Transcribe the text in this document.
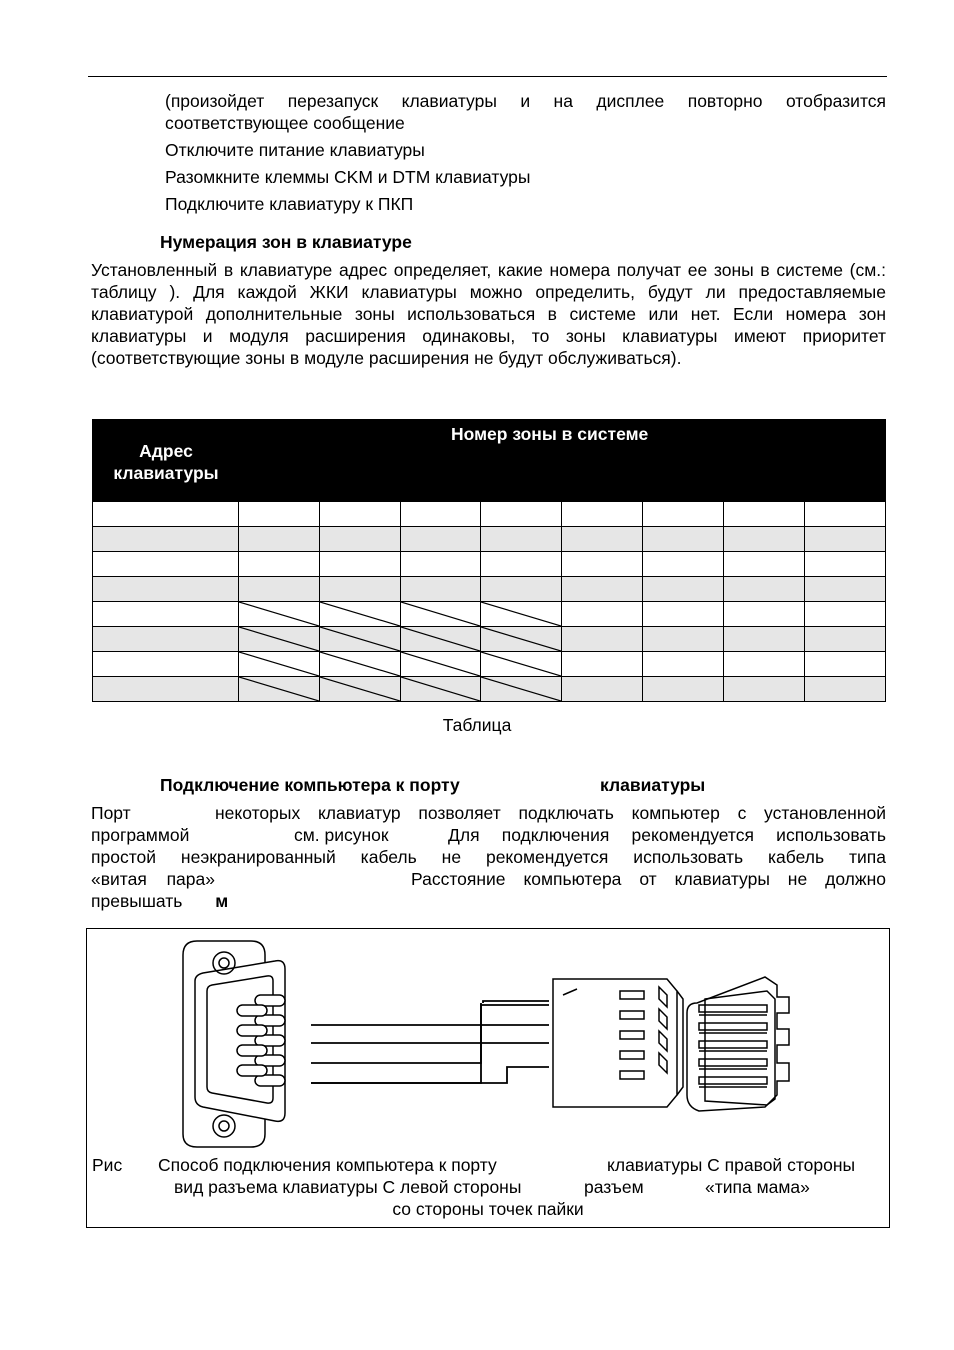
(произойдет перезапуск клавиатуры и на дисплее повторно отобразится соответствующее сообщение
Отключите питание клавиатуры
Разомкните клеммы CKM и DTM клавиатуры
Подключите клавиатуру к ПКП
Нумерация зон в клавиатуре
Установленный в клавиатуре адрес определяет, какие номера получат ее зоны в системе (см.: таблицу ). Для каждой ЖКИ клавиатуры можно определить, будут ли предоставляемые клавиатурой дополнительные зоны использоваться в системе или нет. Если номера зон клавиатуры и модуля расширения одинаковы, то зоны клавиатуры имеют приоритет (соответствующие зоны в модуле расширения не будут обслуживаться).
Адрес клавиатуры
Номер зоны в системе								

Таблица
Подключение компьютера к порту	клавиатуры
Порт	некоторых клавиатур позволяет подключать компьютер с установленной
программой	см. рисунок	Для подключения рекомендуется использовать
простой неэкранированный кабель не рекомендуется использовать кабель типа
«витая пара»	Расстояние компьютера от клавиатуры не должно
превышать м
Рис Способ подключения компьютера к порту	клавиатуры С правой стороны
вид разъема клавиатуры С левой стороны	разъем	«типа мама»
со стороны точек пайки
